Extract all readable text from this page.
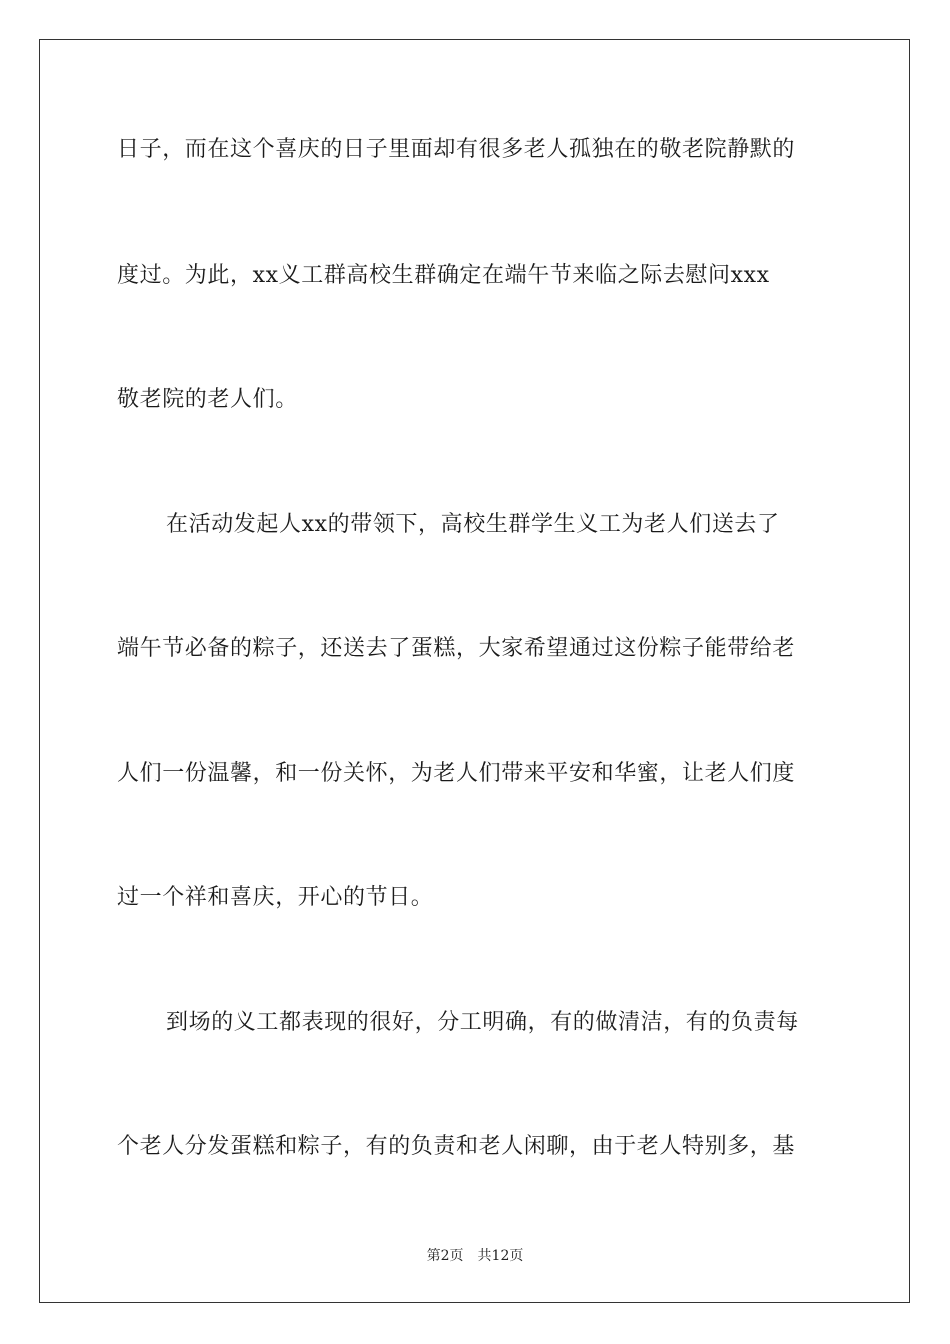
日子，而在这个喜庆的日子里面却有很多老人孤独在的敬老院静默的
度过。为此，xx义工群高校生群确定在端午节来临之际去慰问xxx
敬老院的老人们。
在活动发起人xx的带领下，高校生群学生义工为老人们送去了
端午节必备的粽子，还送去了蛋糕，大家希望通过这份粽子能带给老
人们一份温馨，和一份关怀，为老人们带来平安和华蜜，让老人们度
过一个祥和喜庆，开心的节日。
到场的义工都表现的很好，分工明确，有的做清洁，有的负责每
个老人分发蛋糕和粽子，有的负责和老人闲聊，由于老人特别多，基
第2页 共12页
